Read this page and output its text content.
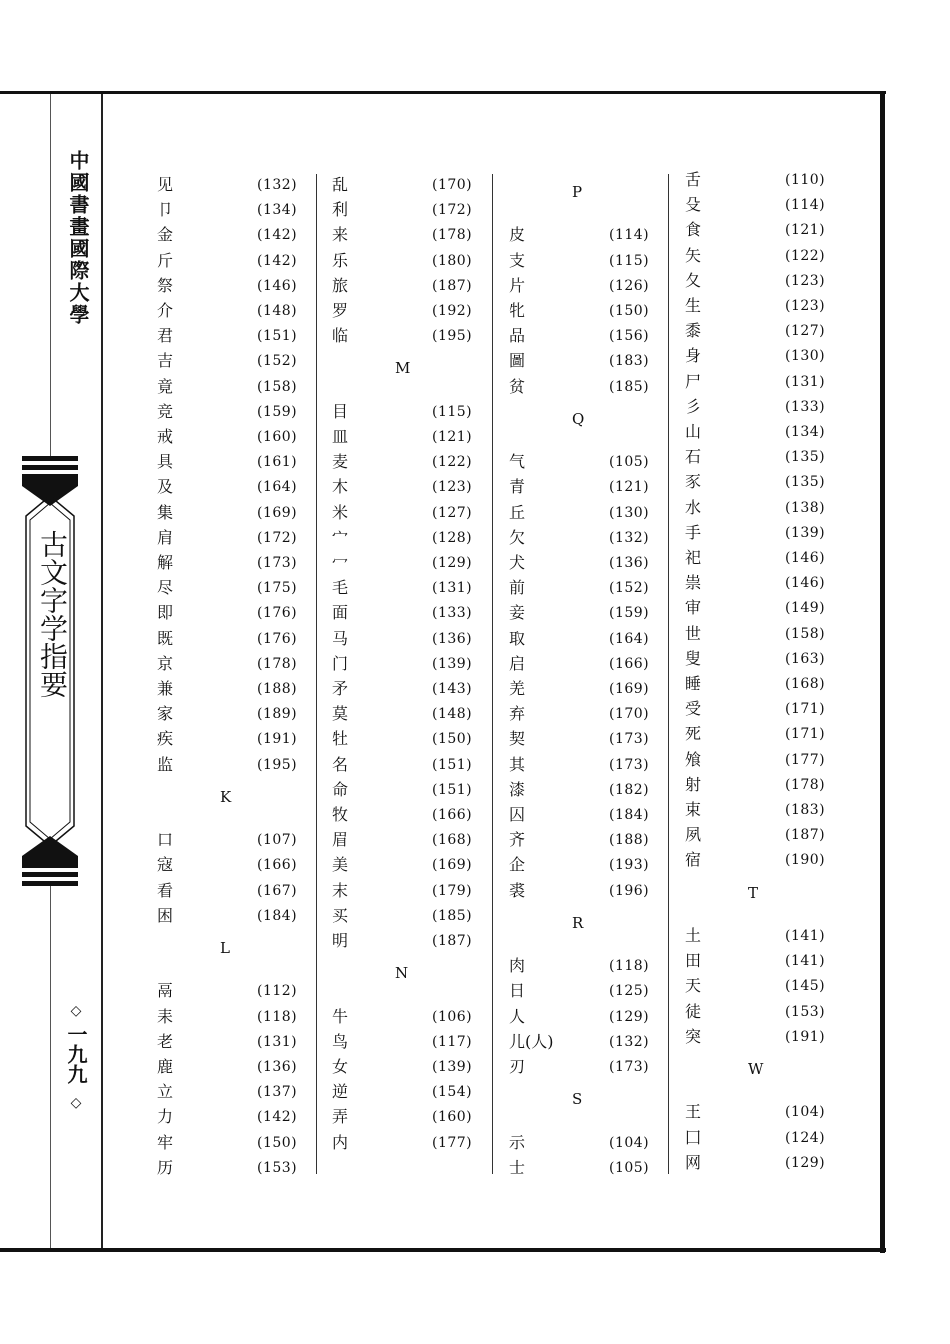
中國書畫國際大學
古文字学指要
◇
一九九
◇
见	(132)
卩	(134)
金	(142)
斤	(142)
祭	(146)
介	(148)
君	(151)
吉	(152)
竟	(158)
竞	(159)
戒	(160)
具	(161)
及	(164)
集	(169)
肩	(172)
解	(173)
尽	(175)
即	(176)
既	(176)
京	(178)
兼	(188)
家	(189)
疾	(191)
监	(195)
K
口	(107)
寇	(166)
看	(167)
困	(184)
L
鬲	(112)
耒	(118)
老	(131)
鹿	(136)
立	(137)
力	(142)
牢	(150)
历	(153)
乱	(170)
利	(172)
来	(178)
乐	(180)
旅	(187)
罗	(192)
临	(195)
M
目	(115)
皿	(121)
麦	(122)
木	(123)
米	(127)
宀	(128)
冖	(129)
毛	(131)
面	(133)
马	(136)
门	(139)
矛	(143)
莫	(148)
牡	(150)
名	(151)
命	(151)
牧	(166)
眉	(168)
美	(169)
末	(179)
买	(185)
明	(187)
N
牛	(106)
鸟	(117)
女	(139)
逆	(154)
弄	(160)
内	(177)
P
皮	(114)
支	(115)
片	(126)
牝	(150)
品	(156)
圖	(183)
贫	(185)
Q
气	(105)
青	(121)
丘	(130)
欠	(132)
犬	(136)
前	(152)
妾	(159)
取	(164)
启	(166)
羌	(169)
弃	(170)
契	(173)
其	(173)
漆	(182)
囚	(184)
齐	(188)
企	(193)
裘	(196)
R
肉	(118)
日	(125)
人	(129)
儿(人)	(132)
刃	(173)
S
示	(104)
士	(105)
舌	(110)
殳	(114)
食	(121)
矢	(122)
夂	(123)
生	(123)
黍	(127)
身	(130)
尸	(131)
彡	(133)
山	(134)
石	(135)
豕	(135)
水	(138)
手	(139)
祀	(146)
祟	(146)
审	(149)
世	(158)
叟	(163)
睡	(168)
受	(171)
死	(171)
飧	(177)
射	(178)
束	(183)
夙	(187)
宿	(190)
T
土	(141)
田	(141)
天	(145)
徒	(153)
突	(191)
W
王	(104)
囗	(124)
网	(129)
